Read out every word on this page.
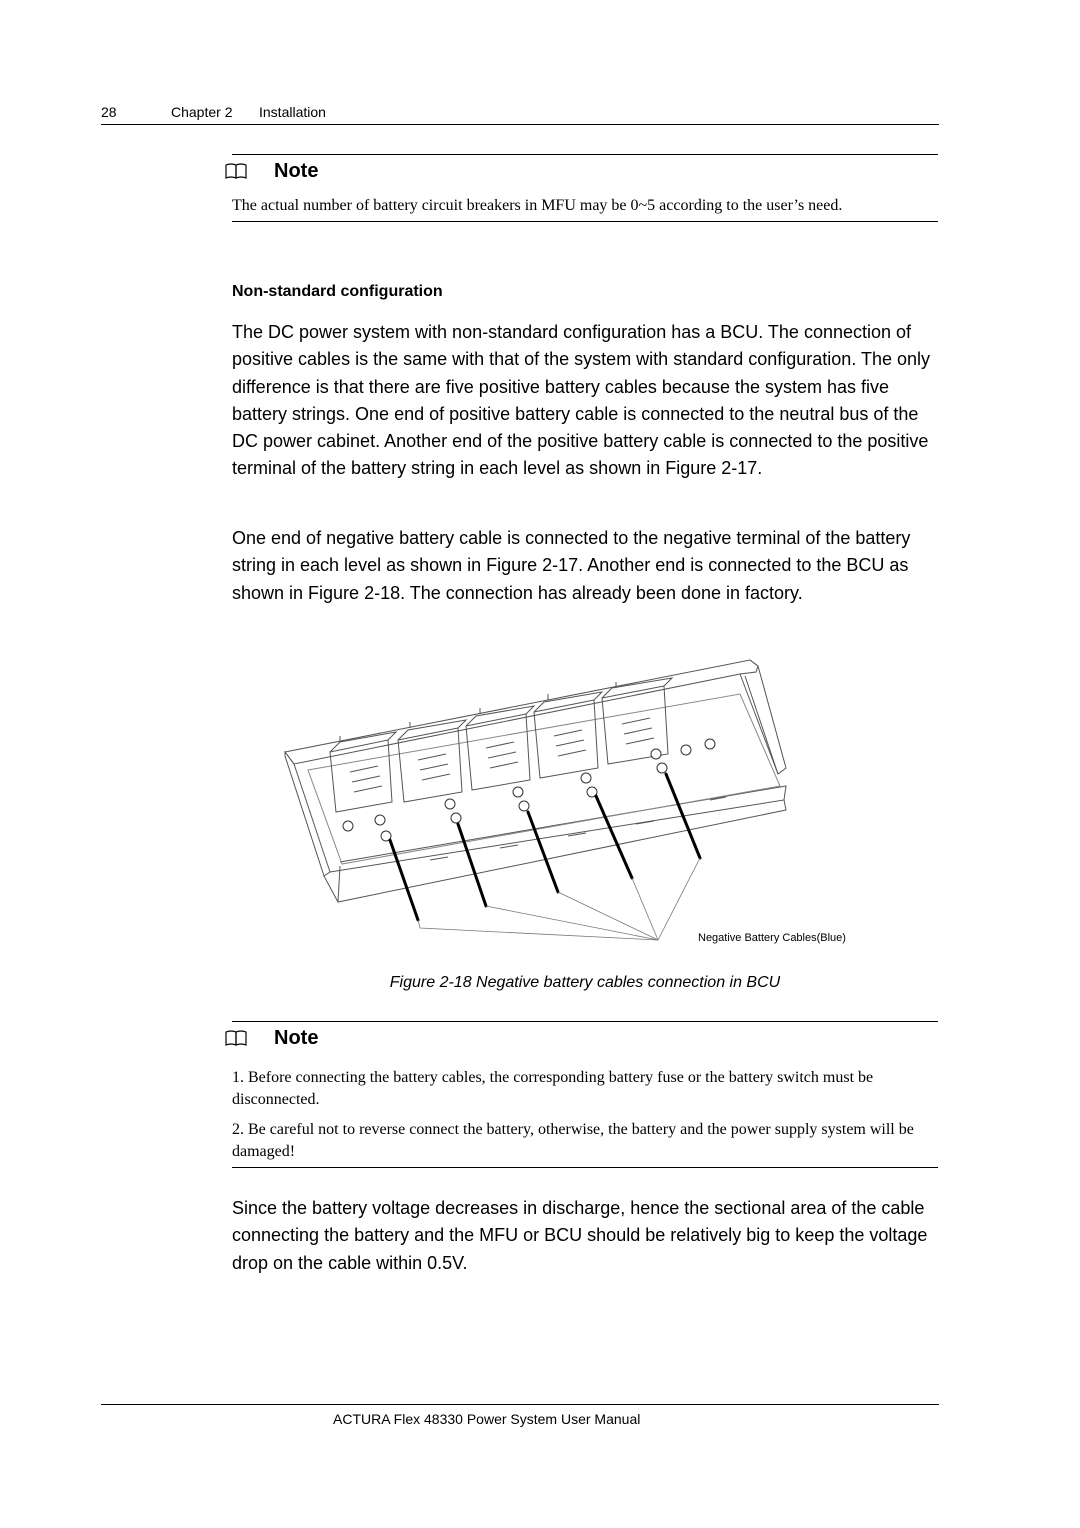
28	Chapter 2 Installation
Note

The actual number of battery circuit breakers in MFU may be 0~5 according to the user’s need.

Non-standard configuration

The DC power system with non-standard configuration has a BCU. The connection of positive cables is the same with that of the system with standard configuration. The only difference is that there are five positive battery cables because the system has five battery strings. One end of positive battery cable is connected to the neutral bus of the DC power cabinet. Another end of the positive battery cable is connected to the positive terminal of the battery string in each level as shown in Figure 2-17.

One end of negative battery cable is connected to the negative terminal of the battery string in each level as shown in Figure 2-17. Another end is connected to the BCU as shown in Figure 2-18. The connection has already been done in factory.

Negative Battery Cables(Blue)
Figure 2-18 Negative battery cables connection in BCU
Note

1. Before connecting the battery cables, the corresponding battery fuse or the battery switch must be disconnected.

2. Be careful not to reverse connect the battery, otherwise, the battery and the power supply system will be damaged!

Since the battery voltage decreases in discharge, hence the sectional area of the cable connecting the battery and the MFU or BCU should be relatively big to keep the voltage drop on the cable within 0.5V.

ACTURA Flex 48330 Power System User Manual
